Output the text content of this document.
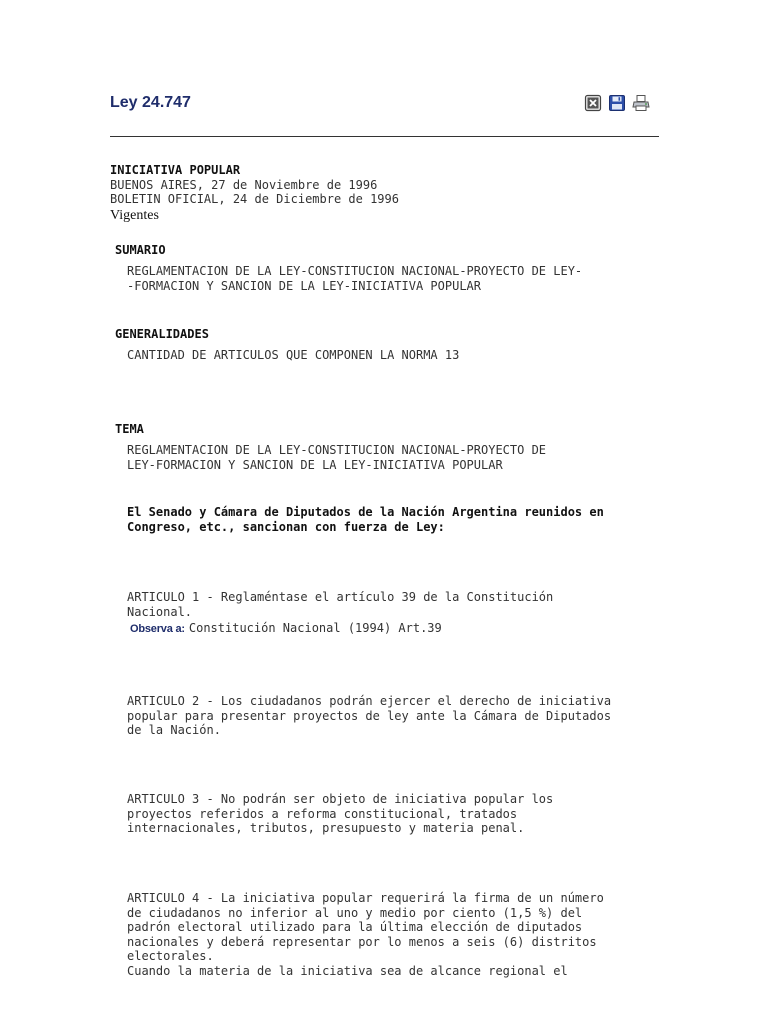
Ley 24.747
INICIATIVA POPULAR
BUENOS AIRES, 27 de Noviembre de 1996
BOLETIN OFICIAL, 24 de Diciembre de 1996
Vigentes
SUMARIO
REGLAMENTACION DE LA LEY-CONSTITUCION NACIONAL-PROYECTO DE LEY-
-FORMACION Y SANCION DE LA LEY-INICIATIVA POPULAR
GENERALIDADES
CANTIDAD DE ARTICULOS QUE COMPONEN LA NORMA 13
TEMA
REGLAMENTACION DE LA LEY-CONSTITUCION NACIONAL-PROYECTO DE
LEY-FORMACION Y SANCION DE LA LEY-INICIATIVA POPULAR
El Senado y Cámara de Diputados de la Nación Argentina reunidos en
Congreso, etc., sancionan con fuerza de Ley:
ARTICULO 1 - Reglaméntase el artículo 39 de la Constitución
Nacional.
Observa a: Constitución Nacional (1994) Art.39
ARTICULO 2 - Los ciudadanos podrán ejercer el derecho de iniciativa
popular para presentar proyectos de ley ante la Cámara de Diputados
de la Nación.
ARTICULO 3 - No podrán ser objeto de iniciativa popular los
proyectos referidos a reforma constitucional, tratados
internacionales, tributos, presupuesto y materia penal.
ARTICULO 4 - La iniciativa popular requerirá la firma de un número
de ciudadanos no inferior al uno y medio por ciento (1,5 %) del
padrón electoral utilizado para la última elección de diputados
nacionales y deberá representar por lo menos a seis (6) distritos
electorales.
Cuando la materia de la iniciativa sea de alcance regional el
